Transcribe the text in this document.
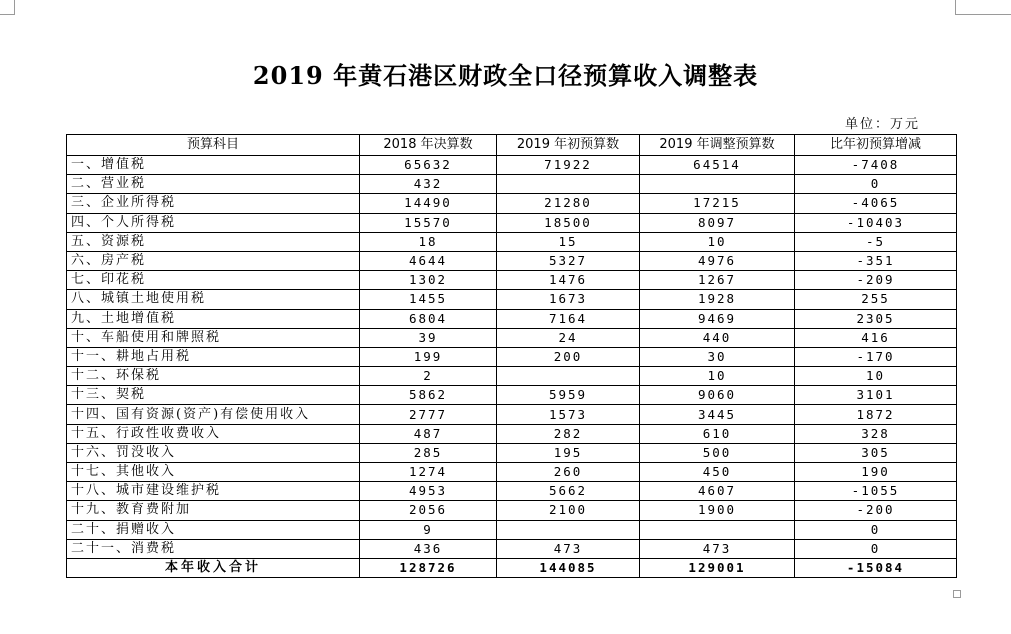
2019 年黄石港区财政全口径预算收入调整表
单位：万元
预算科目	2018 年决算数	2019 年初预算数	2019 年调整预算数	比年初预算增减
一、增值税	65632	71922	64514	-7408
二、营业税	432			0
三、企业所得税	14490	21280	17215	-4065
四、个人所得税	15570	18500	8097	-10403
五、资源税	18	15	10	-5
六、房产税	4644	5327	4976	-351
七、印花税	1302	1476	1267	-209
八、城镇土地使用税	1455	1673	1928	255
九、土地增值税	6804	7164	9469	2305
十、车船使用和牌照税	39	24	440	416
十一、耕地占用税	199	200	30	-170
十二、环保税	2		10	10
十三、契税	5862	5959	9060	3101
十四、国有资源(资产)有偿使用收入	2777	1573	3445	1872
十五、行政性收费收入	487	282	610	328
十六、罚没收入	285	195	500	305
十七、其他收入	1274	260	450	190
十八、城市建设维护税	4953	5662	4607	-1055
十九、教育费附加	2056	2100	1900	-200
二十、捐赠收入	9			0
二十一、消费税	436	473	473	0
本年收入合计	128726	144085	129001	-15084
